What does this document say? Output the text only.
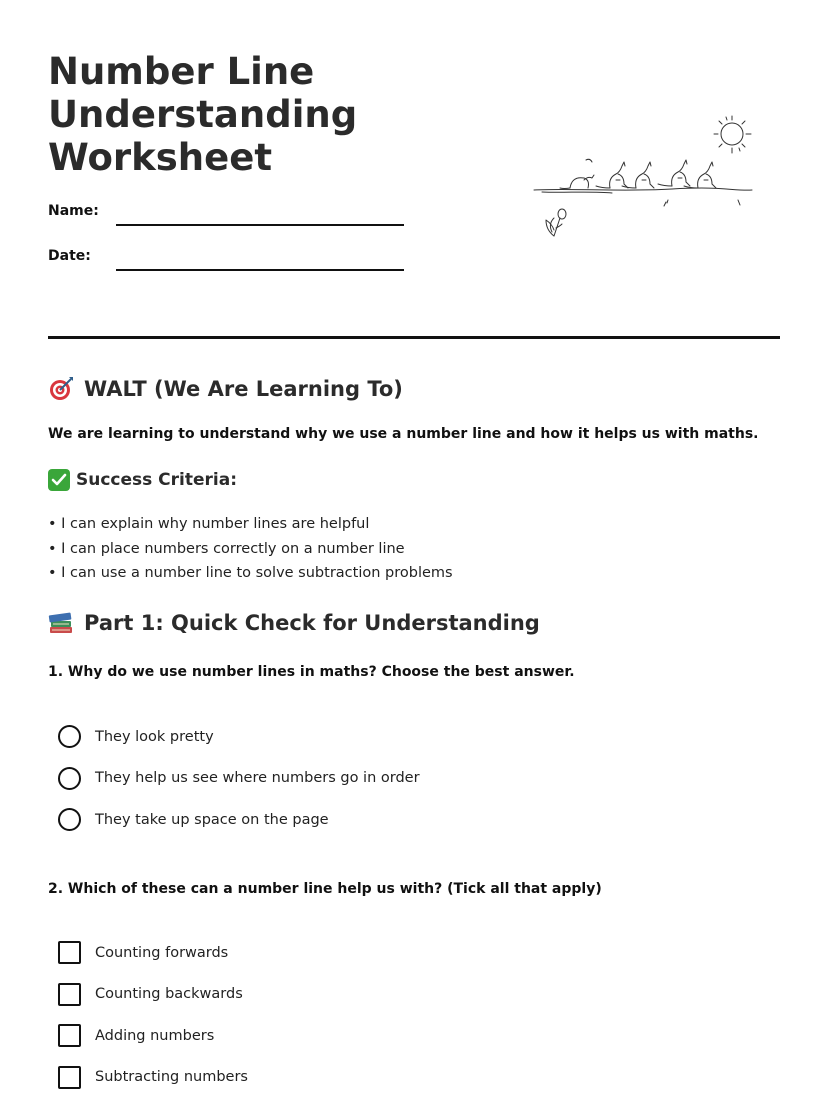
Number Line
Understanding
Worksheet
Name:
Date:
WALT (We Are Learning To)

We are learning to understand why we use a number line and how it helps us with maths.

Success Criteria:
• I can explain why number lines are helpful
• I can place numbers correctly on a number line
• I can use a number line to solve subtraction problems
Part 1: Quick Check for Understanding

1. Why do we use number lines in maths? Choose the best answer.

They look pretty
They help us see where numbers go in order
They take up space on the page

2. Which of these can a number line help us with? (Tick all that apply)

Counting forwards
Counting backwards
Adding numbers
Subtracting numbers
